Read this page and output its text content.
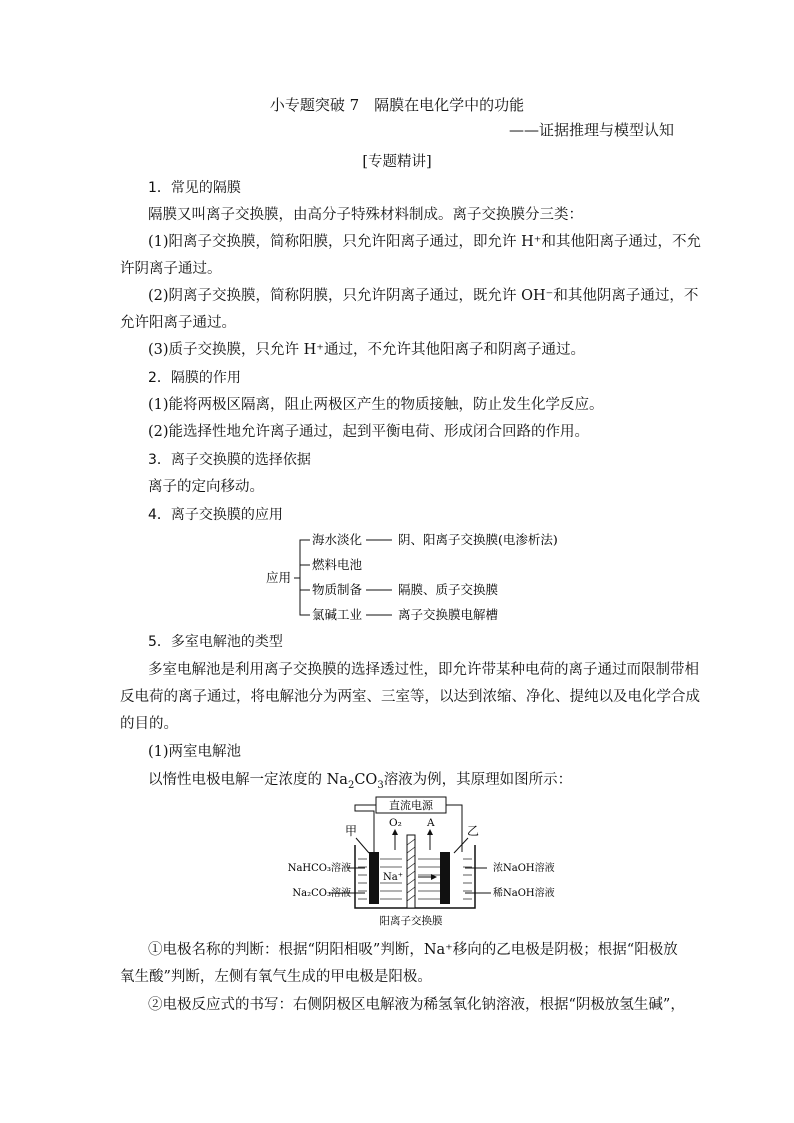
小专题突破 7　隔膜在电化学中的功能
——证据推理与模型认知
[专题精讲]
1．常见的隔膜
隔膜又叫离子交换膜，由高分子特殊材料制成。离子交换膜分三类：
(1)阳离子交换膜，简称阳膜，只允许阳离子通过，即允许 H⁺和其他阳离子通过，不允
许阴离子通过。
(2)阴离子交换膜，简称阴膜，只允许阴离子通过，既允许 OH⁻和其他阴离子通过，不
允许阳离子通过。
(3)质子交换膜，只允许 H⁺通过，不允许其他阳离子和阴离子通过。
2．隔膜的作用
(1)能将两极区隔离，阻止两极区产生的物质接触，防止发生化学反应。
(2)能选择性地允许离子通过，起到平衡电荷、形成闭合回路的作用。
3．离子交换膜的选择依据
离子的定向移动。
4．离子交换膜的应用
应用
海水淡化	阴、阳离子交换膜(电渗析法)
燃料电池
物质制备	隔膜、质子交换膜
氯碱工业	离子交换膜电解槽
5．多室电解池的类型
多室电解池是利用离子交换膜的选择透过性，即允许带某种电荷的离子通过而限制带相
反电荷的离子通过，将电解池分为两室、三室等，以达到浓缩、净化、提纯以及电化学合成
的目的。
(1)两室电解池
以惰性电极电解一定浓度的 $Na_2CO_3$溶液为例，其原理如图所示：
直流电源
甲	乙
O₂ A
Na⁺
NaHCO₃溶液
Na₂CO₃溶液
浓NaOH溶液
稀NaOH溶液
阳离子交换膜
①电极名称的判断：根据“阴阳相吸”判断，Na⁺移向的乙电极是阴极；根据“阳极放
氧生酸”判断，左侧有氧气生成的甲电极是阳极。
②电极反应式的书写：右侧阴极区电解液为稀氢氧化钠溶液，根据“阴极放氢生碱”，
